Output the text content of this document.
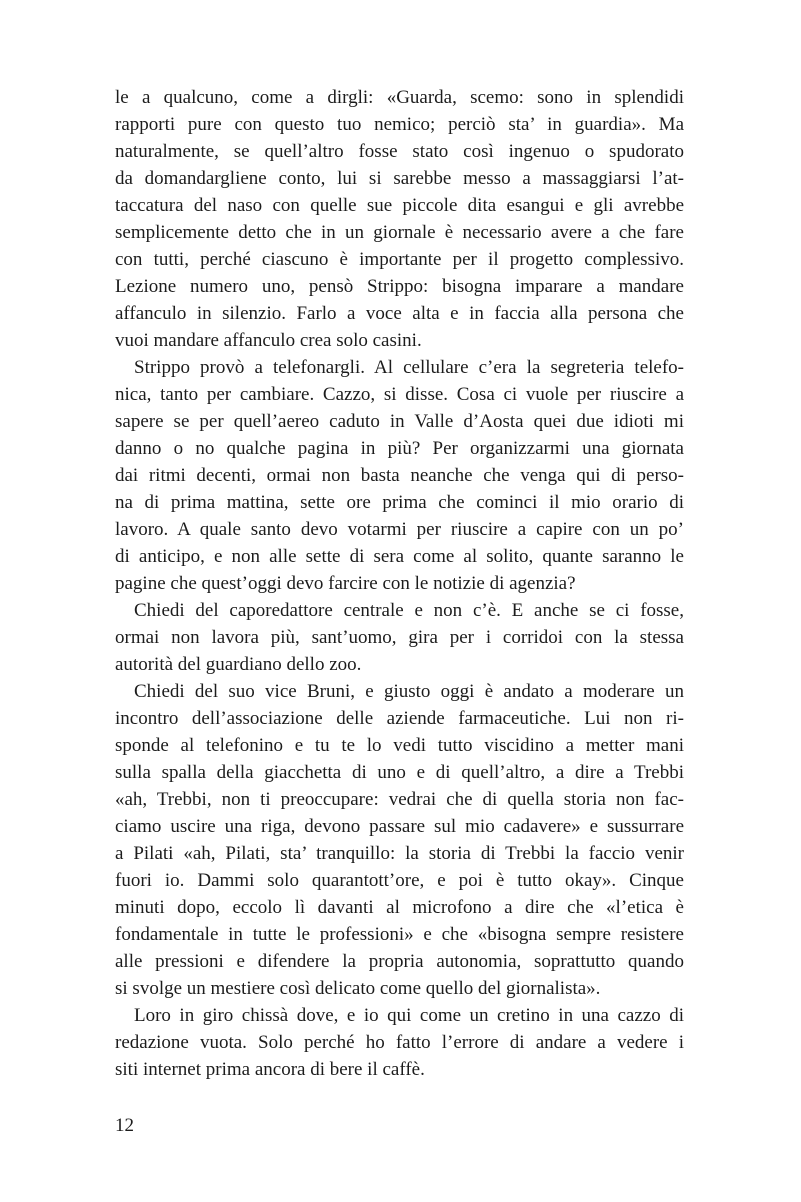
le a qualcuno, come a dirgli: «Guarda, scemo: sono in splendidi
rapporti pure con questo tuo nemico; perciò sta’ in guardia». Ma
naturalmente, se quell’altro fosse stato così ingenuo o spudorato
da domandargliene conto, lui si sarebbe messo a massaggiarsi l’at-
taccatura del naso con quelle sue piccole dita esangui e gli avrebbe
semplicemente detto che in un giornale è necessario avere a che fare
con tutti, perché ciascuno è importante per il progetto complessivo.
Lezione numero uno, pensò Strippo: bisogna imparare a mandare
affanculo in silenzio. Farlo a voce alta e in faccia alla persona che
vuoi mandare affanculo crea solo casini.
Strippo provò a telefonargli. Al cellulare c’era la segreteria telefo-
nica, tanto per cambiare. Cazzo, si disse. Cosa ci vuole per riuscire a
sapere se per quell’aereo caduto in Valle d’Aosta quei due idioti mi
danno o no qualche pagina in più? Per organizzarmi una giornata
dai ritmi decenti, ormai non basta neanche che venga qui di perso-
na di prima mattina, sette ore prima che cominci il mio orario di
lavoro. A quale santo devo votarmi per riuscire a capire con un po’
di anticipo, e non alle sette di sera come al solito, quante saranno le
pagine che quest’oggi devo farcire con le notizie di agenzia?
Chiedi del caporedattore centrale e non c’è. E anche se ci fosse,
ormai non lavora più, sant’uomo, gira per i corridoi con la stessa
autorità del guardiano dello zoo.
Chiedi del suo vice Bruni, e giusto oggi è andato a moderare un
incontro dell’associazione delle aziende farmaceutiche. Lui non ri-
sponde al telefonino e tu te lo vedi tutto viscidino a metter mani
sulla spalla della giacchetta di uno e di quell’altro, a dire a Trebbi
«ah, Trebbi, non ti preoccupare: vedrai che di quella storia non fac-
ciamo uscire una riga, devono passare sul mio cadavere» e sussurrare
a Pilati «ah, Pilati, sta’ tranquillo: la storia di Trebbi la faccio venir
fuori io. Dammi solo quarantott’ore, e poi è tutto okay». Cinque
minuti dopo, eccolo lì davanti al microfono a dire che «l’etica è
fondamentale in tutte le professioni» e che «bisogna sempre resistere
alle pressioni e difendere la propria autonomia, soprattutto quando
si svolge un mestiere così delicato come quello del giornalista».
Loro in giro chissà dove, e io qui come un cretino in una cazzo di
redazione vuota. Solo perché ho fatto l’errore di andare a vedere i
siti internet prima ancora di bere il caffè.
12
